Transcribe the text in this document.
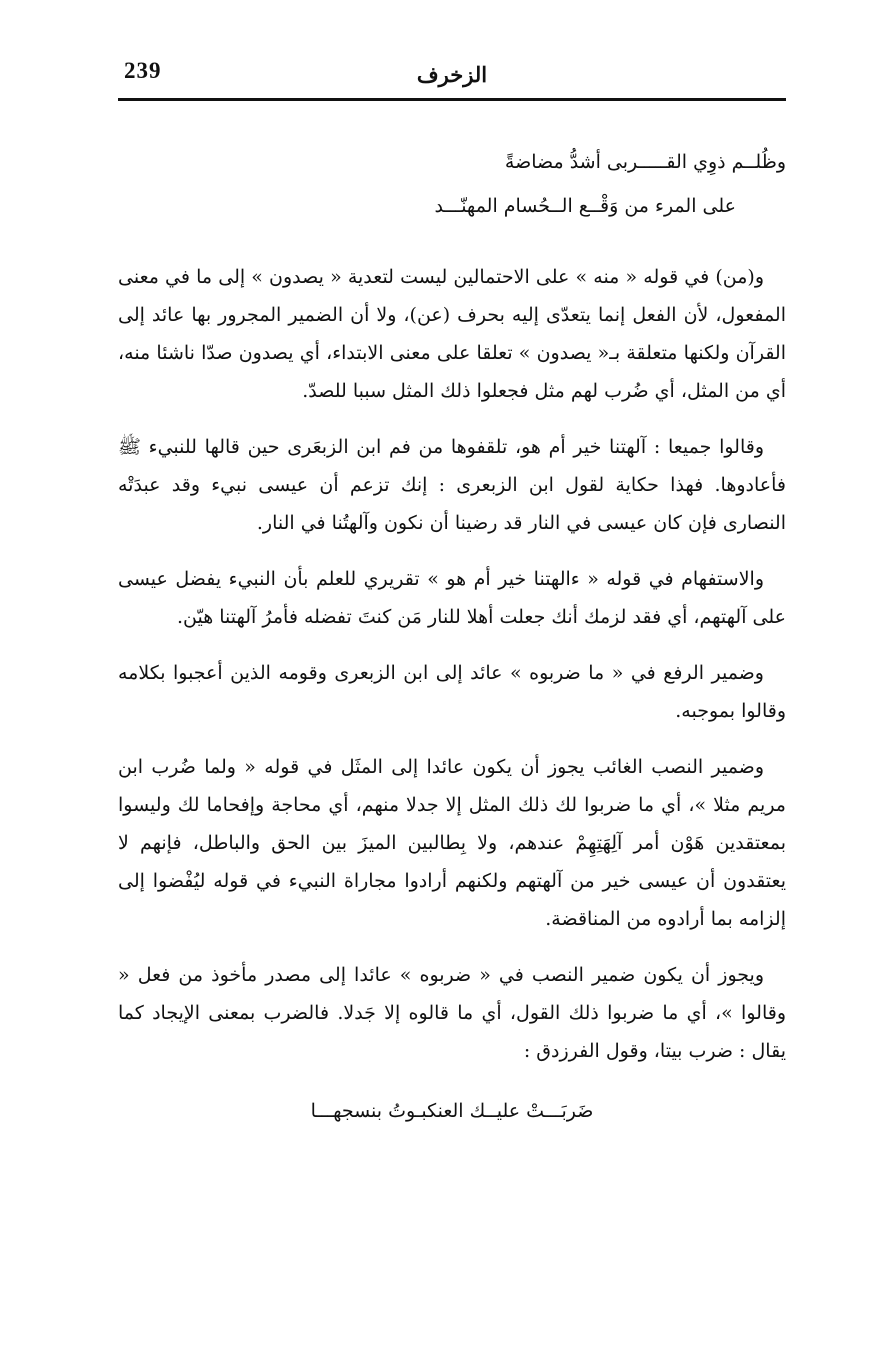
239	الزخرف

وظُلــم ذوِي القـــــربى أشدُّ مضاضةً

على المرء من وَقْــع الــحُسام المهنّـــد

و(من) في قوله « منه » على الاحتمالين ليست لتعدية « يصدون » إلى ما في معنى المفعول، لأن الفعل إنما يتعدّى إليه بحرف (عن)، ولا أن الضمير المجرور بها عائد إلى القرآن ولكنها متعلقة بـ« يصدون » تعلقا على معنى الابتداء، أي يصدون صدّا ناشئا منه، أي من المثل، أي ضُرب لهم مثل فجعلوا ذلك المثل سببا للصدّ.

وقالوا جميعا : آلهتنا خير أم هو، تلقفوها من فم ابن الزبعَرى حين قالها للنبيء ﷺ فأعادوها. فهذا حكاية لقول ابن الزبعرى : إنك تزعم أن عيسى نبيء وقد عبدَتْه النصارى فإن كان عيسى في النار قد رضينا أن نكون وآلهتُنا في النار.

والاستفهام في قوله « ءالهتنا خير أم هو » تقريري للعلم بأن النبيء يفضل عيسى على آلهتهم، أي فقد لزمك أنك جعلت أهلا للنار مَن كنتَ تفضله فأمرُ آلهتنا هيّن.

وضمير الرفع في « ما ضربوه » عائد إلى ابن الزبعرى وقومه الذين أعجبوا بكلامه وقالوا بموجبه.

وضمير النصب الغائب يجوز أن يكون عائدا إلى المثَل في قوله « ولما ضُرب ابن مريم مثلا »، أي ما ضربوا لك ذلك المثل إلا جدلا منهم، أي محاجة وإفحاما لك وليسوا بمعتقدين هَوْن أمر آلِهَتِهِمْ عندهم، ولا بِطالبين الميزَ بين الحق والباطل، فإنهم لا يعتقدون أن عيسى خير من آلهتهم ولكنهم أرادوا مجاراة النبيء في قوله ليُفْضوا إلى إلزامه بما أرادوه من المناقضة.

ويجوز أن يكون ضمير النصب في « ضربوه » عائدا إلى مصدر مأخوذ من فعل « وقالوا »، أي ما ضربوا ذلك القول، أي ما قالوه إلا جَدلا. فالضرب بمعنى الإيجاد كما يقال : ضرب بيتا، وقول الفرزدق :

ضَربَـــتْ عليــك العنكبـوتُ بنسجهـــا
